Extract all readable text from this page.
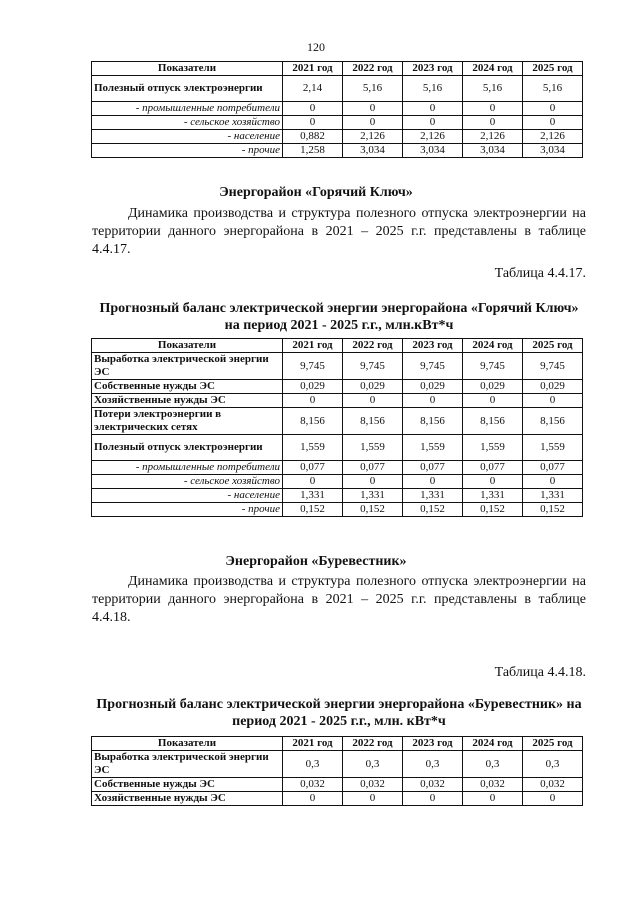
120
Показатели	2021 год	2022 год	2023 год	2024 год	2025 год
Полезный отпуск электроэнергии	2,14	5,16	5,16	5,16	5,16
- промышленные потребители	0	0	0	0	0
- сельское хозяйство	0	0	0	0	0
- население	0,882	2,126	2,126	2,126	2,126
- прочие	1,258	3,034	3,034	3,034	3,034
Энергорайон «Горячий Ключ»
Динамика производства и структура полезного отпуска электроэнергии на территории данного энергорайона в 2021 – 2025 г.г. представлены в таблице 4.4.17.
Таблица 4.4.17.
Прогнозный баланс электрической энергии энергорайона «Горячий Ключ» на период 2021 - 2025 г.г., млн.кВт*ч
Показатели	2021 год	2022 год	2023 год	2024 год	2025 год
Выработка электрической энергии ЭС	9,745	9,745	9,745	9,745	9,745
Собственные нужды ЭС	0,029	0,029	0,029	0,029	0,029
Хозяйственные нужды ЭС	0	0	0	0	0
Потери электроэнергии в электрических сетях	8,156	8,156	8,156	8,156	8,156
Полезный отпуск электроэнергии	1,559	1,559	1,559	1,559	1,559
- промышленные потребители	0,077	0,077	0,077	0,077	0,077
- сельское хозяйство	0	0	0	0	0
- население	1,331	1,331	1,331	1,331	1,331
- прочие	0,152	0,152	0,152	0,152	0,152
Энергорайон «Буревестник»
Динамика производства и структура полезного отпуска электроэнергии на территории данного энергорайона в 2021 – 2025 г.г. представлены в таблице 4.4.18.
Таблица 4.4.18.
Прогнозный баланс электрической энергии энергорайона «Буревестник» на период 2021 - 2025 г.г., млн. кВт*ч
Показатели	2021 год	2022 год	2023 год	2024 год	2025 год
Выработка электрической энергии ЭС	0,3	0,3	0,3	0,3	0,3
Собственные нужды ЭС	0,032	0,032	0,032	0,032	0,032
Хозяйственные нужды ЭС	0	0	0	0	0
